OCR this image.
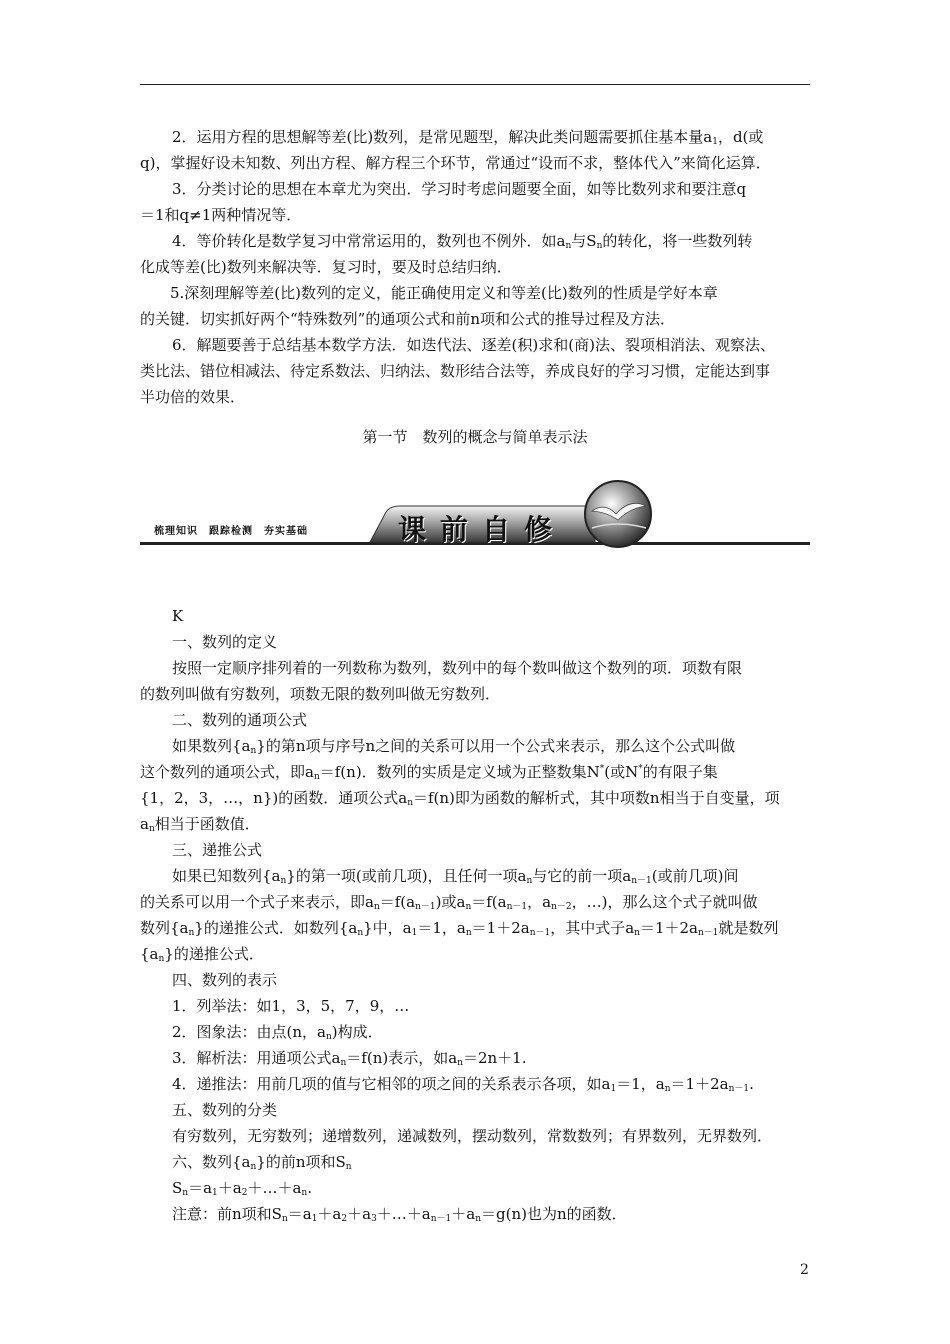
2．运用方程的思想解等差(比)数列，是常见题型，解决此类问题需要抓住基本量$a_1$，d(或

q)，掌握好设未知数、列出方程、解方程三个环节，常通过“设而不求，整体代入”来简化运算．

3．分类讨论的思想在本章尤为突出．学习时考虑问题要全面，如等比数列求和要注意q

＝1和q≠1两种情况等．

4．等价转化是数学复习中常常运用的，数列也不例外．如$a_n$与$S_n$的转化，将一些数列转

化成等差(比)数列来解决等．复习时，要及时总结归纳．

5.深刻理解等差(比)数列的定义，能正确使用定义和等差(比)数列的性质是学好本章

的关键．切实抓好两个“特殊数列”的通项公式和前n项和公式的推导过程及方法．

6．解题要善于总结基本数学方法．如迭代法、逐差(积)求和(商)法、裂项相消法、观察法、

类比法、错位相减法、待定系数法、归纳法、数形结合法等，养成良好的学习习惯，定能达到事

半功倍的效果．

第一节　数列的概念与简单表示法

梳理知识　跟踪检测　夯实基础	课前自修

K

一、数列的定义

按照一定顺序排列着的一列数称为数列，数列中的每个数叫做这个数列的项．项数有限

的数列叫做有穷数列，项数无限的数列叫做无穷数列．

二、数列的通项公式

如果数列$\{a_n\}$的第n项与序号n之间的关系可以用一个公式来表示，那么这个公式叫做

这个数列的通项公式，即$a_n=f(n)$．数列的实质是定义域为正整数集N*(或N*的有限子集

{1，2，3，…，n})的函数．通项公式$a_n=f(n)$即为函数的解析式，其中项数n相当于自变量，项

$a_n$相当于函数值．

三、递推公式

如果已知数列$\{a_n\}$的第一项(或前几项)，且任何一项$a_n$与它的前一项$a_{n-1}$(或前几项)间

的关系可以用一个式子来表示，即$a_n=f(a_{n-1})$或$a_n=f(a_{n-1}$，$a_{n-2}$，…)，那么这个式子就叫做

数列$\{a_n\}$的递推公式．如数列$\{a_n\}$中，$a_1=1$，$a_n=1+2a_{n-1}$，其中式子$a_n=1+2a_{n-1}$就是数列

$\{a_n\}$的递推公式．

四、数列的表示

1．列举法：如1，3，5，7，9，…

2．图象法：由点(n，$a_n$)构成．

3．解析法：用通项公式$a_n=f(n)$表示，如$a_n=2n+1$.

4．递推法：用前几项的值与它相邻的项之间的关系表示各项，如$a_1=1$，$a_n=1+2a_{n-1}$.

五、数列的分类

有穷数列，无穷数列；递增数列，递减数列，摆动数列，常数数列；有界数列，无界数列．

六、数列$\{a_n\}$的前n项和$S_n$

$S_n=a_1+a_2+\dots+a_n$.

注意：前n项和$S_n=a_1+a_2+a_3+\dots+a_{n-1}+a_n=g(n)$也为n的函数．

2
